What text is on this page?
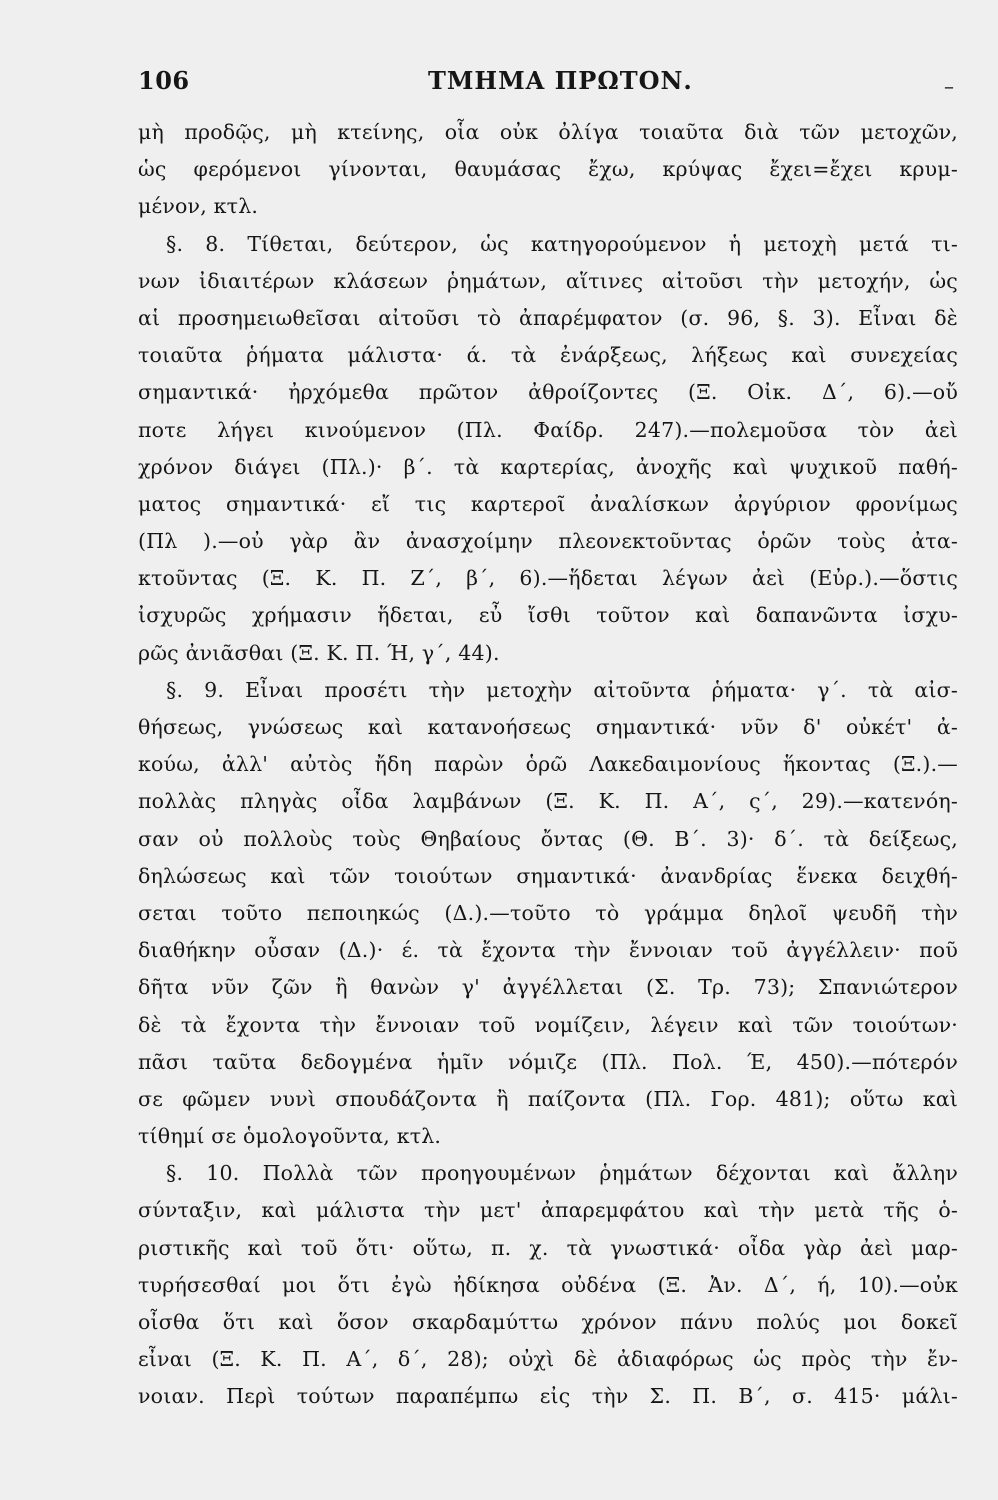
106	ΤΜΗΜΑ ΠΡΩΤΟΝ.	–
μὴ προδῷς, μὴ κτείνης, οἷα οὐκ ὀλίγα τοιαῦτα διὰ τῶν μετοχῶν,
ὡς φερόμενοι γίνονται, θαυμάσας ἔχω, κρύψας ἔχει=ἔχει κρυμ-
μένον, κτλ.
§. 8. Τίθεται, δεύτερον, ὡς κατηγορούμενον ἡ μετοχὴ μετά τι-
νων ἰδιαιτέρων κλάσεων ῥημάτων, αἵτινες αἰτοῦσι τὴν μετοχήν, ὡς
αἱ προσημειωθεῖσαι αἰτοῦσι τὸ ἀπαρέμφατον (σ. 96, §. 3). Εἶναι δὲ
τοιαῦτα ῥήματα μάλιστα· ά. τὰ ἐνάρξεως, λήξεως καὶ συνεχείας
σημαντικά· ἠρχόμεθα πρῶτον ἀθροίζοντες (Ξ. Οἰκ. Δ΄, 6).—οὔ
ποτε λήγει κινούμενον (Πλ. Φαίδρ. 247).—πολεμοῦσα τὸν ἀεὶ
χρόνον διάγει (Πλ.)· β΄. τὰ καρτερίας, ἀνοχῆς καὶ ψυχικοῦ παθή-
ματος σημαντικά· εἴ τις καρτεροῖ ἀναλίσκων ἀργύριον φρονίμως
(Πλ ).—οὐ γὰρ ἂν ἀνασχοίμην πλεονεκτοῦντας ὁρῶν τοὺς ἀτα-
κτοῦντας (Ξ. Κ. Π. Ζ΄, β΄, 6).—ἥδεται λέγων ἀεὶ (Εὐρ.).—ὅστις
ἰσχυρῶς χρήμασιν ἥδεται, εὖ ἴσθι τοῦτον καὶ δαπανῶντα ἰσχυ-
ρῶς ἀνιᾶσθαι (Ξ. Κ. Π. Ή, γ΄, 44).
§. 9. Εἶναι προσέτι τὴν μετοχὴν αἰτοῦντα ῥήματα· γ΄. τὰ αἰσ-
θήσεως, γνώσεως καὶ κατανοήσεως σημαντικά· νῦν δ' οὐκέτ' ἀ-
κούω, ἀλλ' αὐτὸς ἤδη παρὼν ὁρῶ Λακεδαιμονίους ἥκοντας (Ξ.).—
πολλὰς πληγὰς οἶδα λαμβάνων (Ξ. Κ. Π. Α΄, ς΄, 29).—κατενόη-
σαν οὐ πολλοὺς τοὺς Θηβαίους ὄντας (Θ. Β΄. 3)· δ΄. τὰ δείξεως,
δηλώσεως καὶ τῶν τοιούτων σημαντικά· ἀνανδρίας ἕνεκα δειχθή-
σεται τοῦτο πεποιηκώς (Δ.).—τοῦτο τὸ γράμμα δηλοῖ ψευδῆ τὴν
διαθήκην οὖσαν (Δ.)· έ. τὰ ἔχοντα τὴν ἔννοιαν τοῦ ἀγγέλλειν· ποῦ
δῆτα νῦν ζῶν ἢ θανὼν γ' ἀγγέλλεται (Σ. Τρ. 73); Σπανιώτερον
δὲ τὰ ἔχοντα τὴν ἔννοιαν τοῦ νομίζειν, λέγειν καὶ τῶν τοιούτων·
πᾶσι ταῦτα δεδογμένα ἡμῖν νόμιζε (Πλ. Πολ. Έ, 450).—πότερόν
σε φῶμεν νυνὶ σπουδάζοντα ἢ παίζοντα (Πλ. Γορ. 481); οὕτω καὶ
τίθημί σε ὁμολογοῦντα, κτλ.
§. 10. Πολλὰ τῶν προηγουμένων ῥημάτων δέχονται καὶ ἄλλην
σύνταξιν, καὶ μάλιστα τὴν μετ' ἀπαρεμφάτου καὶ τὴν μετὰ τῆς ὁ-
ριστικῆς καὶ τοῦ ὅτι· οὕτω, π. χ. τὰ γνωστικά· οἶδα γὰρ ἀεὶ μαρ-
τυρήσεσθαί μοι ὅτι ἐγὼ ἠδίκησα οὐδένα (Ξ. Ἀν. Δ΄, ή, 10).—οὐκ
οἶσθα ὅτι καὶ ὅσον σκαρδαμύττω χρόνον πάνυ πολύς μοι δοκεῖ
εἶναι (Ξ. Κ. Π. Α΄, δ΄, 28); οὐχὶ δὲ ἀδιαφόρως ὡς πρὸς τὴν ἔν-
νοιαν. Περὶ τούτων παραπέμπω εἰς τὴν Σ. Π. Β΄, σ. 415· μάλι-
